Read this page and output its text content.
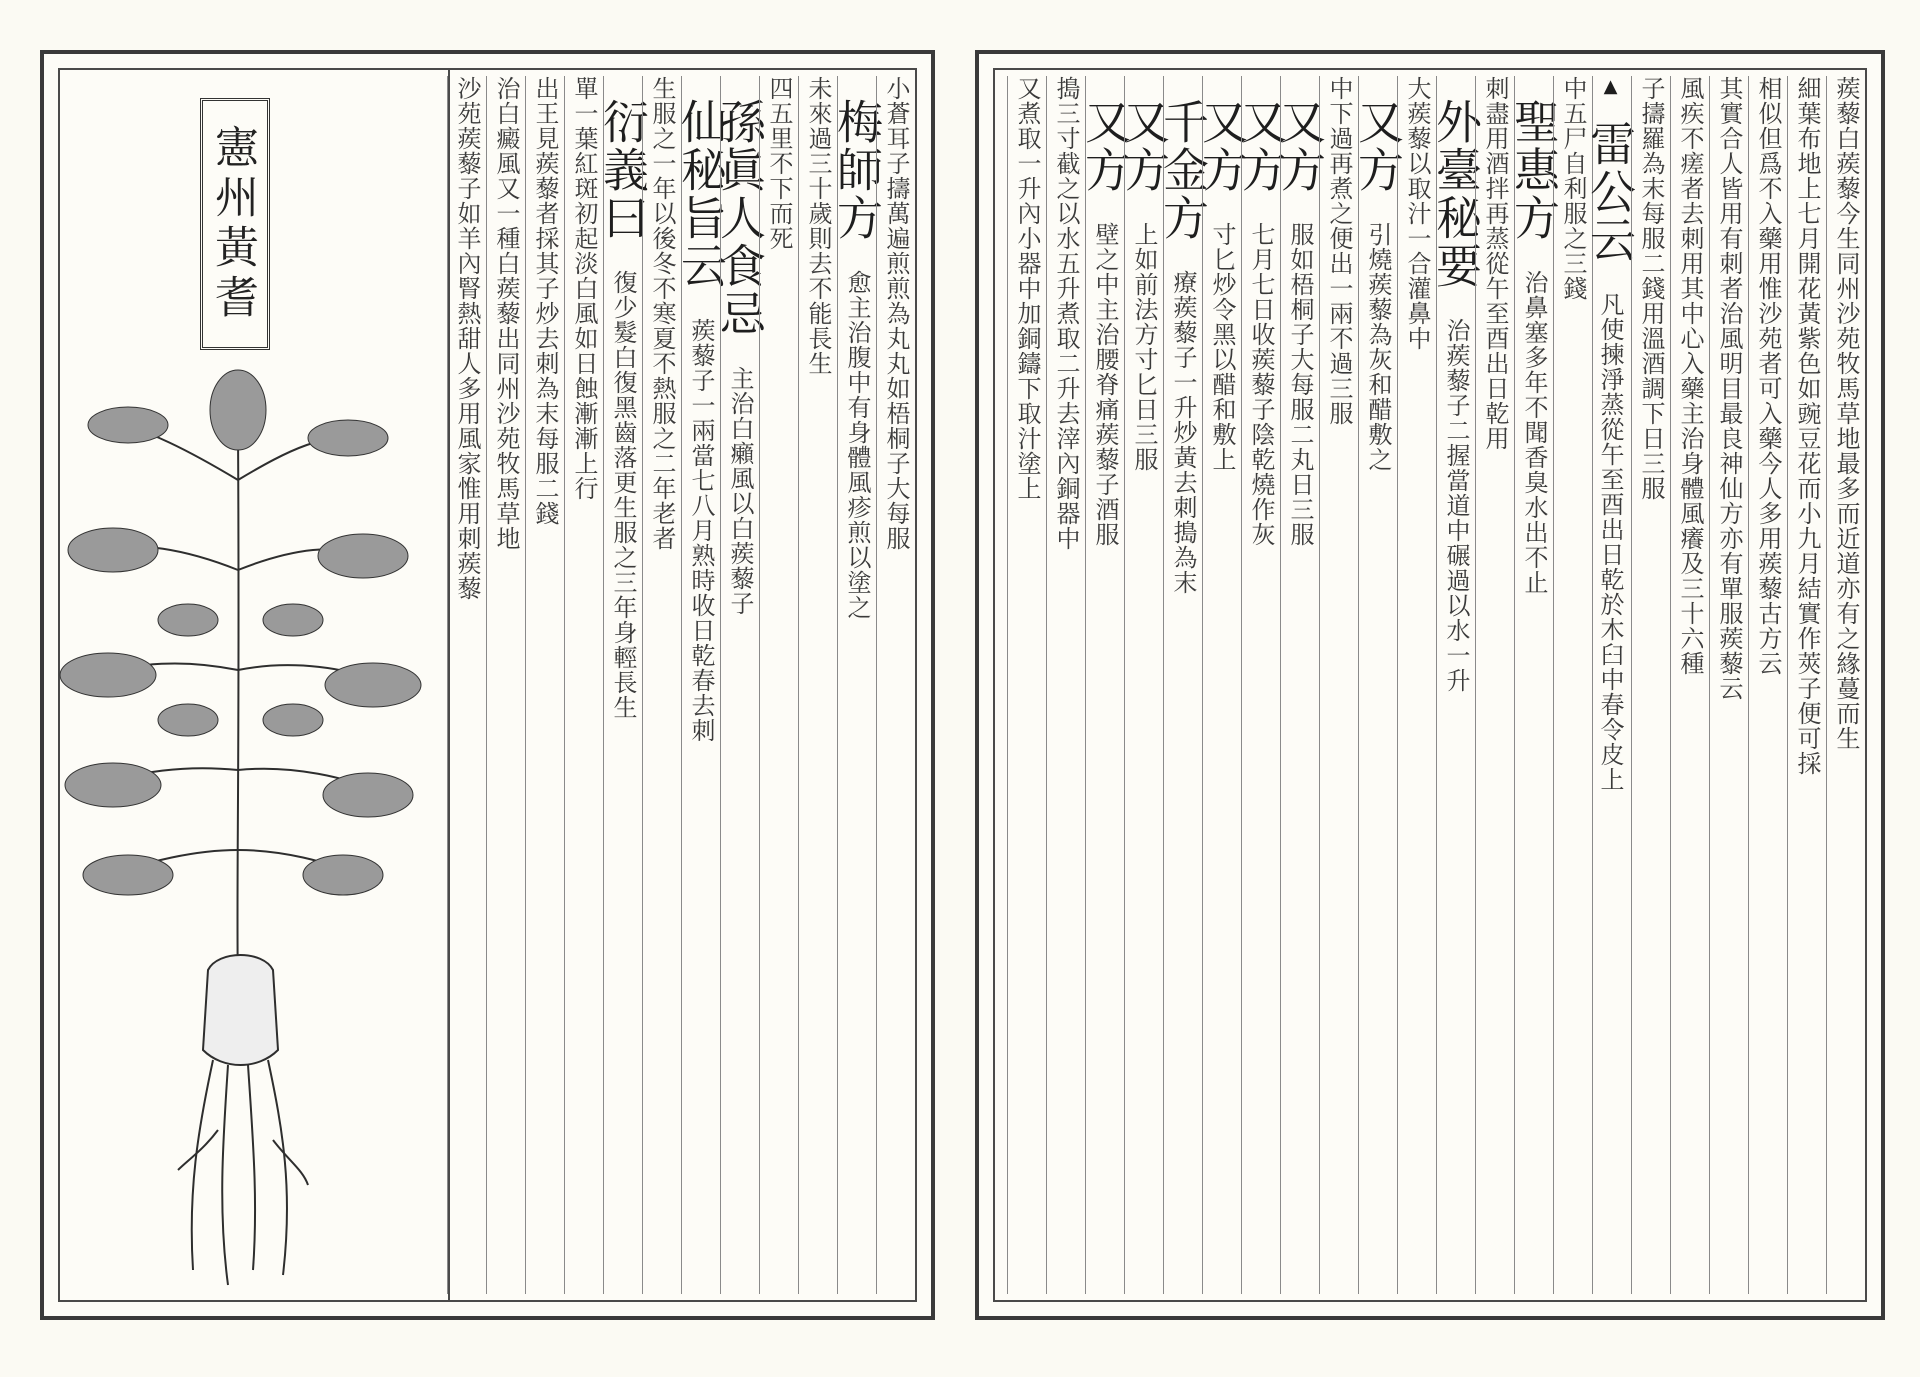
憲州黃耆	小蒼耳子擣萬遍煎煎為丸丸如梧桐子大每服
梅師方愈主治腹中有身體風疹煎以塗之
未來過三十歲則去不能長生
四五里不下而死
孫眞人食忌主治白癩風以白蒺藜子
仙秘旨云蒺藜子一兩當七八月熟時收日乾春去刺
生服之一年以後冬不寒夏不熱服之二年老者
衍義曰復少髮白復黑齒落更生服之三年身輕長生
單一葉紅斑初起淡白風如日蝕漸漸上行
出王見蒺藜者採其子炒去刺為末每服二錢
治白癜風又一種白蒺藜出同州沙苑牧馬草地
沙苑蒺藜子如羊內腎熱甜人多用風家惟用刺蒺藜	蒺藜白蒺藜今生同州沙苑牧馬草地最多而近道亦有之緣蔓而生
細葉布地上七月開花黃紫色如豌豆花而小九月結實作莢子便可採
相似但爲不入藥用惟沙苑者可入藥今人多用蒺藜古方云
其實合人皆用有刺者治風明目最良神仙方亦有單服蒺藜云
風疾不瘥者去刺用其中心入藥主治身體風癢及三十六種
子擣羅為末每服二錢用溫酒調下日三服
▲雷公云凡使揀淨蒸從午至酉出日乾於木臼中春令皮上
中五尸自利服之三錢
聖惠方治鼻塞多年不聞香臭水出不止
刺盡用酒拌再蒸從午至酉出日乾用
外臺秘要治蒺藜子二握當道中碾過以水一升
大蒺藜以取汁一合灌鼻中
又方引燒蒺藜為灰和醋敷之
中下過再煮之便出一兩不過三服
又方服如梧桐子大每服二丸日三服
又方七月七日收蒺藜子陰乾燒作灰
又方寸匕炒令黑以醋和敷上
千金方療蒺藜子一升炒黃去刺搗為末
又方上如前法方寸匕日三服
又方壁之中主治腰脊痛蒺藜子酒服
搗三寸截之以水五升煮取二升去滓內銅器中
又煮取一升內小器中加銅鑄下取汁塗上
